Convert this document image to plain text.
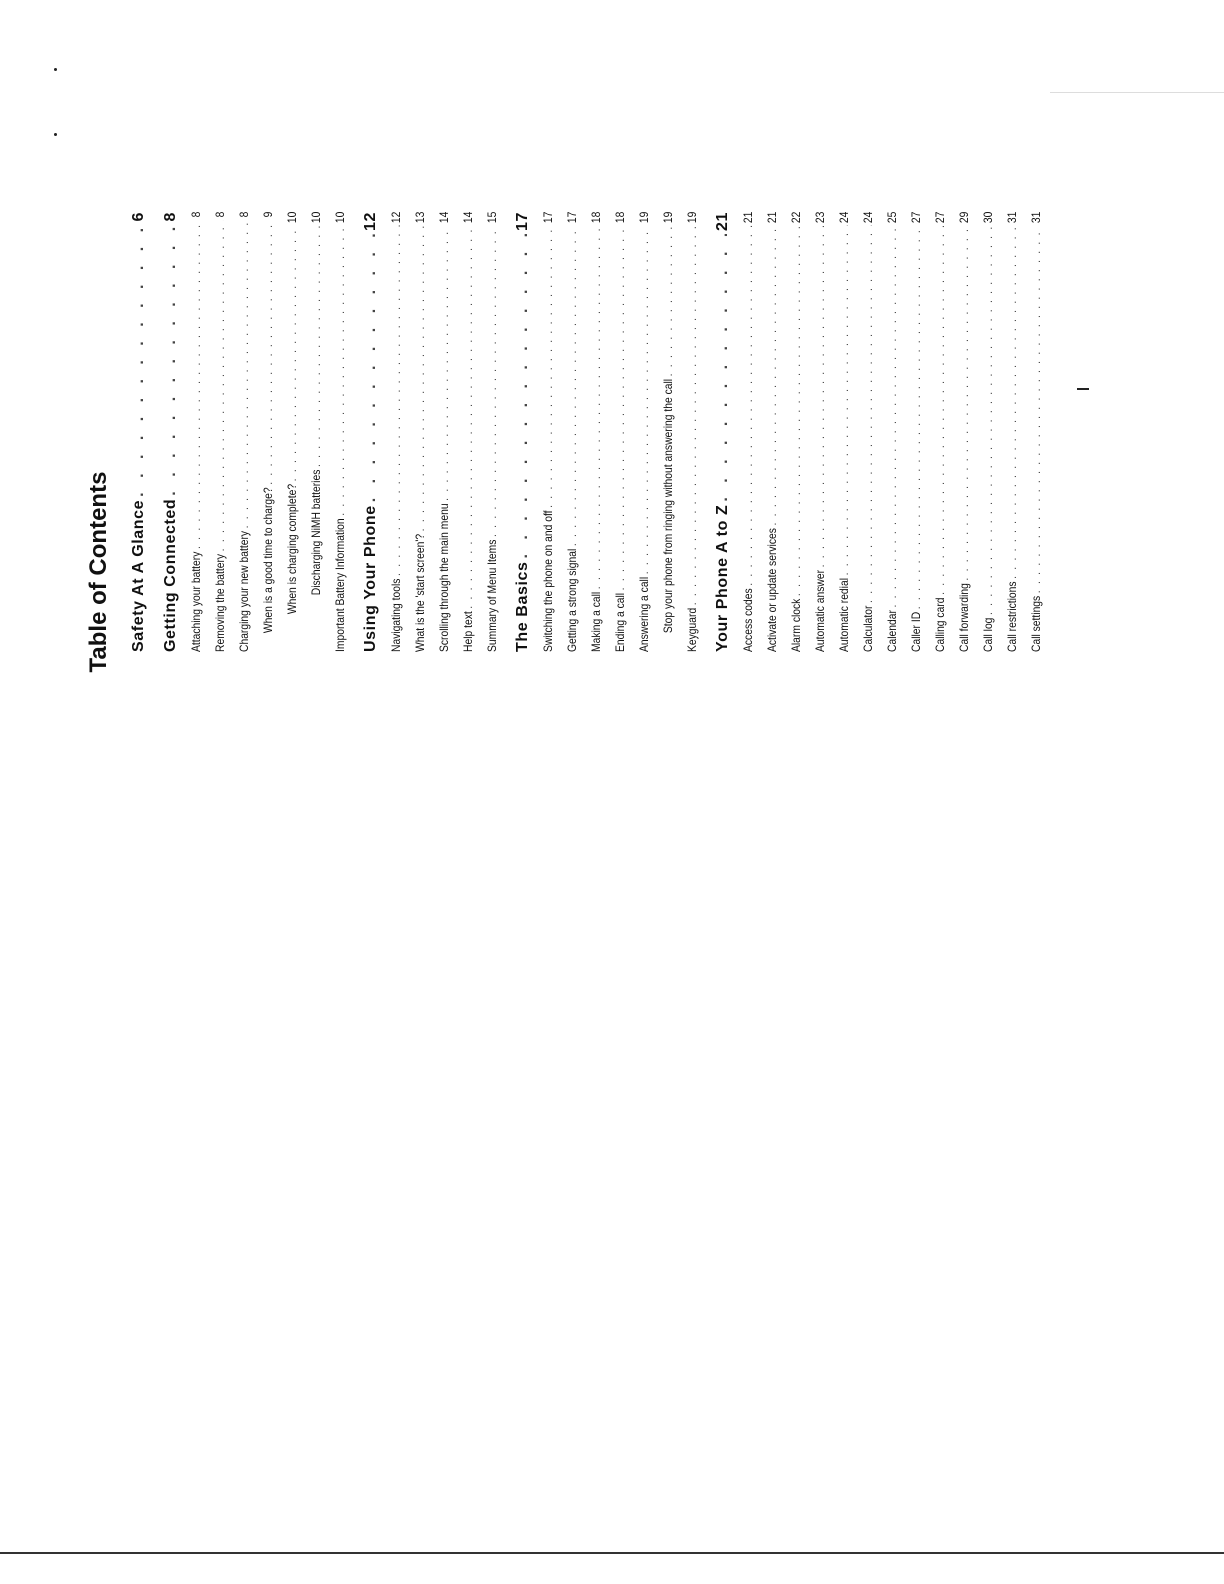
Table of Contents Safety At A Glance
. . .
6
Getting Connected
. . .
8
Attaching your battery
. . .
8
Removing the battery
. . .
8
Charging your new battery
. . .
8
When is a good time to charge?
. . .
9
When is charging complete?
. . .
10
Discharging NiMH batteries
. . .
10
Important Battery Information
. . .
10
Using Your Phone
. . .
12
Navigating tools
. . .
12
What is the 'start screen'?
. . .
13
Scrolling through the main menu
. . .
14
Help text
. . .
14
Summary of Menu Items
. . .
15
The Basics
. . .
17
Switching the phone on and off
. . .
17
Getting a strong signal
. . .
17
Making a call
. . .
18
Ending a call
. . .
18
Answering a call
. . .
19
Stop your phone from ringing without answering the call
. . .
19
Keyguard
. . .
19
Your Phone A to Z
. . .
21
Access codes
. . .
21
Activate or update services
. . .
21
Alarm clock
. . .
22
Automatic answer
. . .
23
Automatic redial
. . .
24
Calculator
. . .
24
Calendar
. . .
25
Caller ID
. . .
27
Calling card
. . .
27
Call forwarding
. . .
29
Call log
. . .
30
Call restrictions
. . .
31
Call settings
. . .
31
